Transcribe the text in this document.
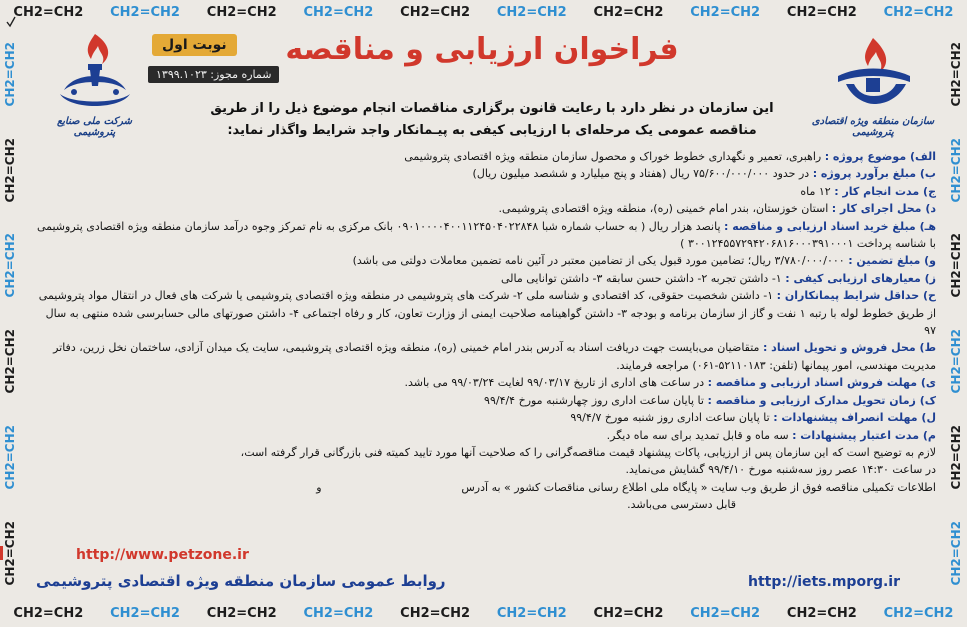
CH2=CH2 CH2=CH2 CH2=CH2 CH2=CH2 CH2=CH2 CH2=CH2 CH2=CH2 CH2=CH2 CH2=CH2 CH2=CH2
CH2=CH2 CH2=CH2 CH2=CH2 CH2=CH2 CH2=CH2 CH2=CH2 CH2=CH2 CH2=CH2 CH2=CH2 CH2=CH2
CH2=CH2
CH2=CH2
CH2=CH2
CH2=CH2
CH2=CH2
CH2=CH2
CH2=CH2
CH2=CH2
CH2=CH2
CH2=CH2
CH2=CH2
CH2=CH2
سازمان منطقه ویژه اقتصادی پتروشیمی
شرکت ملی صنایع پتروشیمی
فراخوان ارزیابی و مناقصه
نوبت اول
شماره مجوز: ۱۳۹۹.۱۰۲۳
این سازمان در نظر دارد با رعایت قانون برگزاری مناقصات انجام موضوع ذیل را از طریق
مناقصه عمومی یک مرحله‌ای با ارزیابی کیفی به پیـمانکار واجد شرایط واگذار نماید:

الف) موضوع پروژه : راهبری، تعمیر و نگهداری خطوط خوراک و محصول سازمان منطقه ویژه اقتصادی پتروشیمی

ب) مبلغ برآورد پروژه : در حدود ۷۵/۶۰۰/۰۰۰/۰۰۰ ریال (هفتاد و پنج میلیارد و ششصد میلیون ریال)

ج) مدت انجام کار : ۱۲ ماه

د) محل اجرای کار : استان خوزستان، بندر امام خمینی (ره)، منطقه ویژه اقتصادی پتروشیمی.

هـ) مبلغ خرید اسناد ارزیابی و مناقصه : پانصد هزار ریال ( به حساب شماره شبا ۰۹۰۱۰۰۰۰۴۰۰۱۱۲۴۵۰۴۰۲۲۸۴۸ بانک مرکزی به نام تمرکز وجوه درآمد سازمان منطقه ویژه اقتصادی پتروشیمی با شناسه پرداخت ۳۰۰۱۲۴۵۵۷۲۹۴۲۰۶۸۱۶۰۰۰۳۹۱۰۰۰۱ )

و) مبلغ تضمین : ۳/۷۸۰/۰۰۰/۰۰۰ ریال؛ تضامین مورد قبول یکی از تضامین معتبر در آئین نامه تضمین معاملات دولتی می باشد)

ز) معیارهای ارزیابی کیفی : ۱- داشتن تجربه ۲- داشتن حسن سابقه ۳- داشتن توانایی مالی

ح) حداقل شرایط پیمانکاران : ۱- داشتن شخصیت حقوقی، کد اقتصادی و شناسه ملی ۲- شرکت های پتروشیمی در منطقه ویژه اقتصادی پتروشیمی یا شرکت های فعال در انتقال مواد پتروشیمی از طریق خطوط لوله با رتبه ۱ نفت و گاز از سازمان برنامه و بودجه ۳- داشتن گواهینامه صلاحیت ایمنی از وزارت تعاون، کار و رفاه اجتماعی ۴- داشتن صورتهای مالی حسابرسی شده منتهی به سال ۹۷

ط) محل فروش و تحویل اسناد : متقاضیان می‌بایست جهت دریافت اسناد به آدرس بندر امام خمینی (ره)، منطقه ویژه اقتصادی پتروشیمی، سایت یک میدان آزادی، ساختمان نخل زرین، دفاتر مدیریت مهندسی، امور پیمانها (تلفن: ۵۲۱۱۰۱۸۳-۰۶۱) مراجعه فرمایند.

ی) مهلت فروش اسناد ارزیابی و مناقصه : در ساعت های اداری از تاریخ ۹۹/۰۳/۱۷ لغایت ۹۹/۰۳/۲۴ می باشد.

ک) زمان تحویل مدارک ارزیابی و مناقصه : تا پایان ساعت اداری روز چهارشنبه مورخ ۹۹/۴/۴

ل) مهلت انصراف پیشنهادات : تا پایان ساعت اداری روز شنبه مورخ ۹۹/۴/۷

م) مدت اعتبار پیشنهادات : سه ماه و قابل تمدید برای سه ماه دیگر.

لازم به توضیح است که این سازمان پس از ارزیابی، پاکات پیشنهاد قیمت مناقصه‌گرانی را که صلاحیت آنها مورد تایید کمیته فنی بازرگانی قرار گرفته است،

در ساعت ۱۴:۳۰ عصر روز سه‌شنبه مورخ ۹۹/۴/۱۰ گشایش می‌نماید.

اطلاعات تکمیلی مناقصه فوق از طریق وب سایت « پایگاه ملی اطلاع رسانی مناقصات کشور » به آدرس                                        و

قابل دسترسی می‌باشد.

http://www.petzone.ir
http://iets.mporg.ir
روابط عمومی سازمان منطقه ویژه اقتصادی پتروشیمی
